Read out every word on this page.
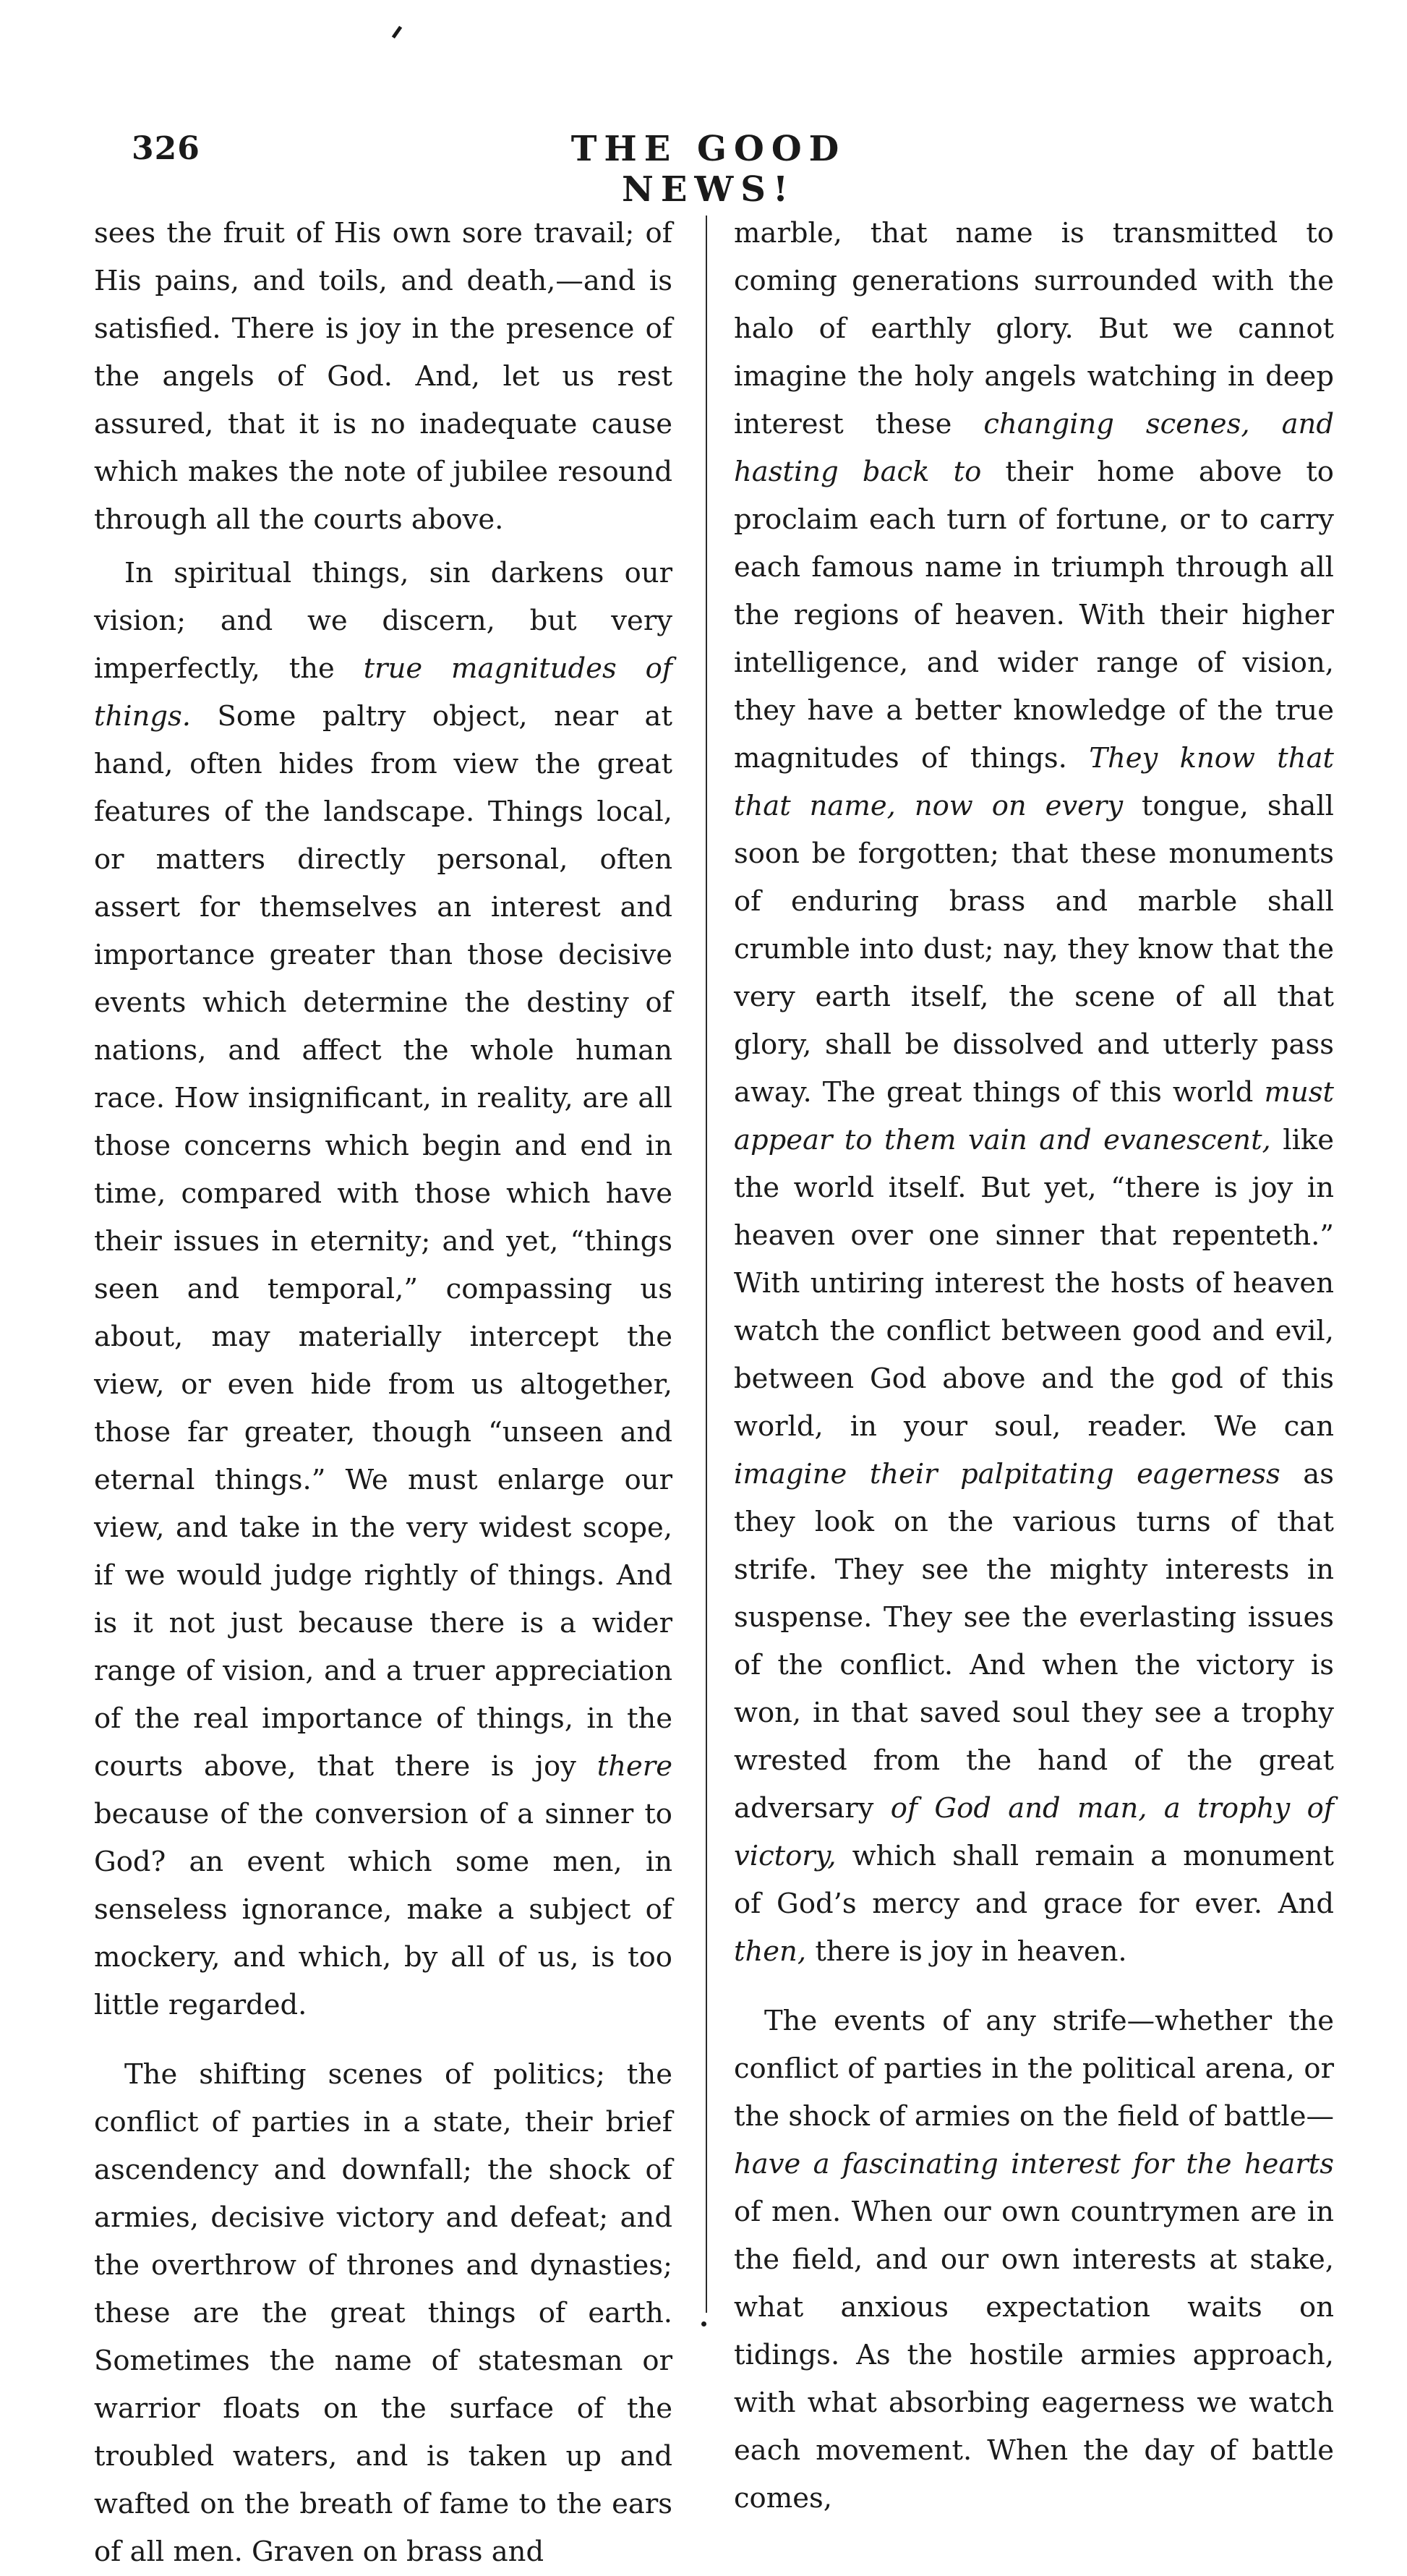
326	THE GOOD NEWS!

sees the fruit of His own sore travail; of His pains, and toils, and death,—and is satisfied. There is joy in the presence of the angels of God. And, let us rest assured, that it is no inadequate cause which makes the note of jubilee resound through all the courts above.

In spiritual things, sin darkens our vision; and we discern, but very imperfectly, the true magnitudes of things. Some paltry object, near at hand, often hides from view the great features of the landscape. Things local, or matters directly personal, often assert for themselves an interest and importance greater than those decisive events which determine the destiny of nations, and affect the whole human race. How insignificant, in reality, are all those concerns which begin and end in time, compared with those which have their issues in eternity; and yet, “things seen and temporal,” compassing us about, may materially intercept the view, or even hide from us altogether, those far greater, though “unseen and eternal things.” We must enlarge our view, and take in the very widest scope, if we would judge rightly of things. And is it not just because there is a wider range of vision, and a truer appreciation of the real importance of things, in the courts above, that there is joy there because of the conversion of a sinner to God? an event which some men, in senseless ignorance, make a subject of mockery, and which, by all of us, is too little regarded.

The shifting scenes of politics; the conflict of parties in a state, their brief ascendency and downfall; the shock of armies, decisive victory and defeat; and the overthrow of thrones and dynasties; these are the great things of earth. Sometimes the name of statesman or warrior floats on the surface of the troubled waters, and is taken up and wafted on the breath of fame to the ears of all men. Graven on brass and

marble, that name is transmitted to coming generations surrounded with the halo of earthly glory. But we cannot imagine the holy angels watching in deep interest these changing scenes, and hasting back to their home above to proclaim each turn of fortune, or to carry each famous name in triumph through all the regions of heaven. With their higher intelligence, and wider range of vision, they have a better knowledge of the true magnitudes of things. They know that that name, now on every tongue, shall soon be forgotten; that these monuments of enduring brass and marble shall crumble into dust; nay, they know that the very earth itself, the scene of all that glory, shall be dissolved and utterly pass away. The great things of this world must appear to them vain and evanescent, like the world itself. But yet, “there is joy in heaven over one sinner that repenteth.” With untiring interest the hosts of heaven watch the conflict between good and evil, between God above and the god of this world, in your soul, reader. We can imagine their palpitating eagerness as they look on the various turns of that strife. They see the mighty interests in suspense. They see the everlasting issues of the conflict. And when the victory is won, in that saved soul they see a trophy wrested from the hand of the great adversary of God and man, a trophy of victory, which shall remain a monument of God’s mercy and grace for ever. And then, there is joy in heaven.

The events of any strife—whether the conflict of parties in the political arena, or the shock of armies on the field of battle—have a fascinating interest for the hearts of men. When our own countrymen are in the field, and our own interests at stake, what anxious expectation waits on tidings. As the hostile armies approach, with what absorbing eagerness we watch each movement. When the day of battle comes,
